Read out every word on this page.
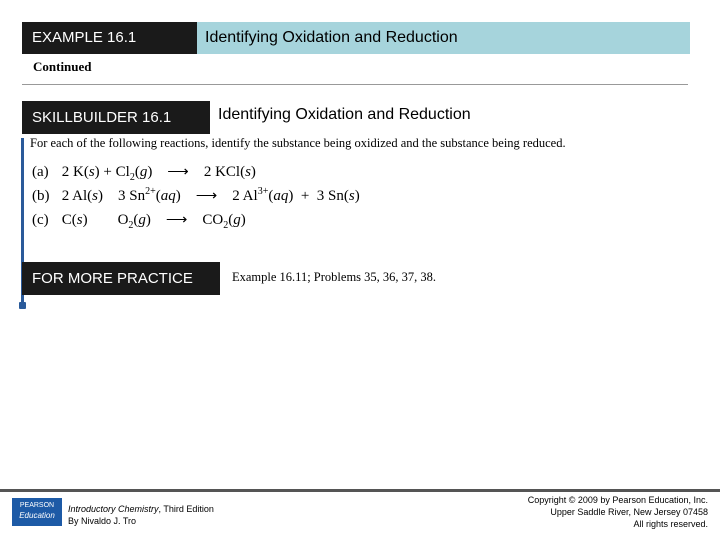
EXAMPLE 16.1	Identifying Oxidation and Reduction
Continued
SKILLBUILDER 16.1	Identifying Oxidation and Reduction
For each of the following reactions, identify the substance being oxidized and the substance being reduced.
(a) 2 $K(s) + Cl_2(g)$ ⟶ 2 KCl(s)
(b) 2 Al(s)    3 $Sn^{2+}(aq)$ ⟶ 2 $Al^{3+}(aq) + 3$ Sn(s)
(c) C(s)        $O_2(g)$ ⟶ $CO_2(g)$
FOR MORE PRACTICE	Example 16.11; Problems 35, 36, 37, 38.
PEARSON
Education
Introductory Chemistry, Third Edition
By Nivaldo J. Tro
Copyright © 2009 by Pearson Education, Inc.
Upper Saddle River, New Jersey 07458
All rights reserved.
